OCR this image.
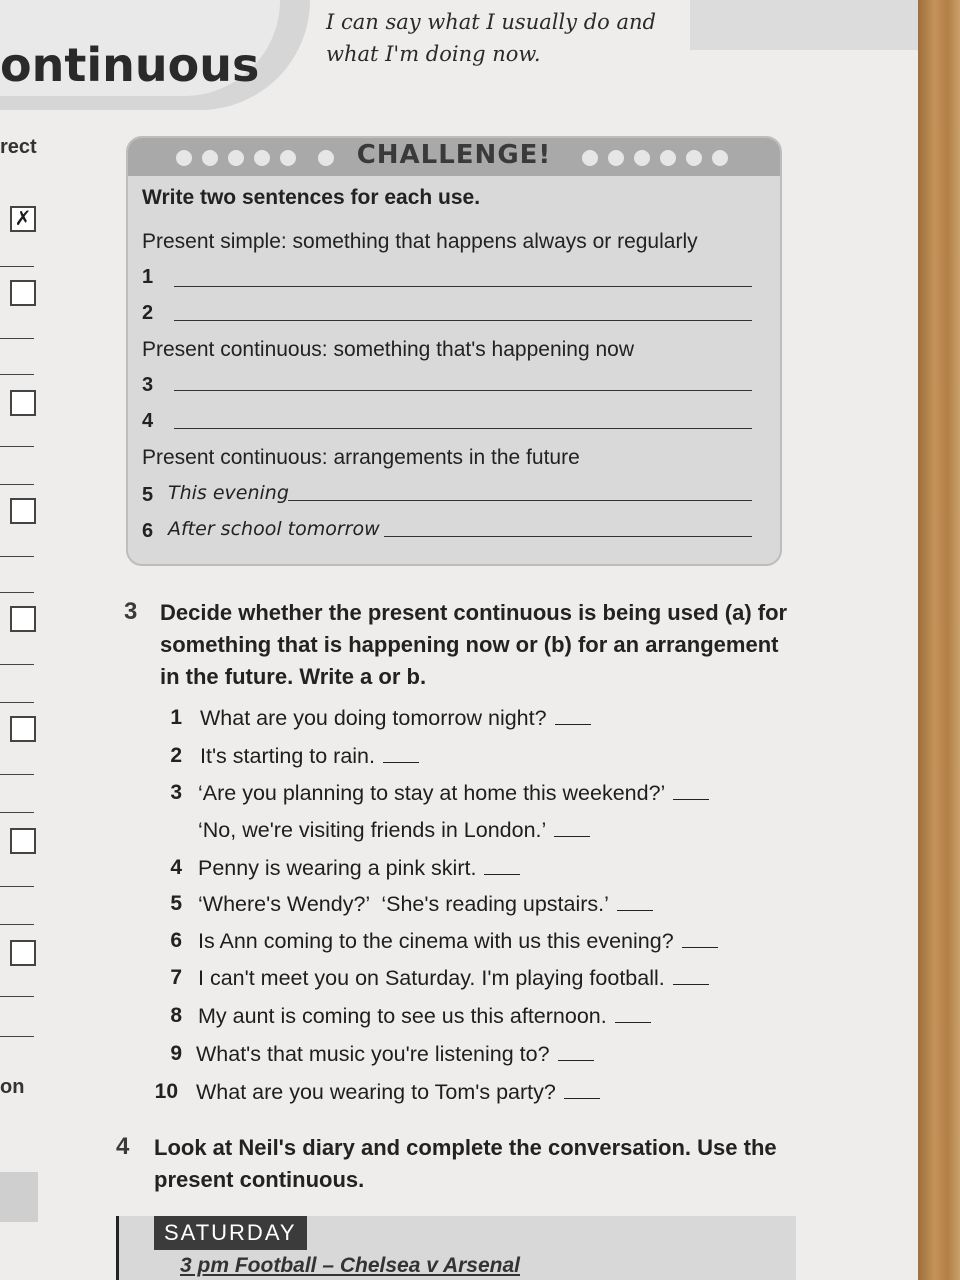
ontinuous
I can say what I usually do and what I'm doing now.
rect
✗
on
CHALLENGE!
Write two sentences for each use.
Present simple: something that happens always or regularly
1
2
Present continuous: something that's happening now
3
4
Present continuous: arrangements in the future
5 This evening
6 After school tomorrow
3 Decide whether the present continuous is being used (a) for
something that is happening now or (b) for an arrangement
in the future. Write a or b.
1 What are you doing tomorrow night?
2 It's starting to rain.
3 ‘Are you planning to stay at home this weekend?’
‘No, we're visiting friends in London.’
4 Penny is wearing a pink skirt.
5 ‘Where's Wendy?’  ‘She's reading upstairs.’
6 Is Ann coming to the cinema with us this evening?
7 I can't meet you on Saturday. I'm playing football.
8 My aunt is coming to see us this afternoon.
9 What's that music you're listening to?
10 What are you wearing to Tom's party?
4 Look at Neil's diary and complete the conversation. Use the
present continuous.
SATURDAY
3 pm Football – Chelsea v Arsenal
